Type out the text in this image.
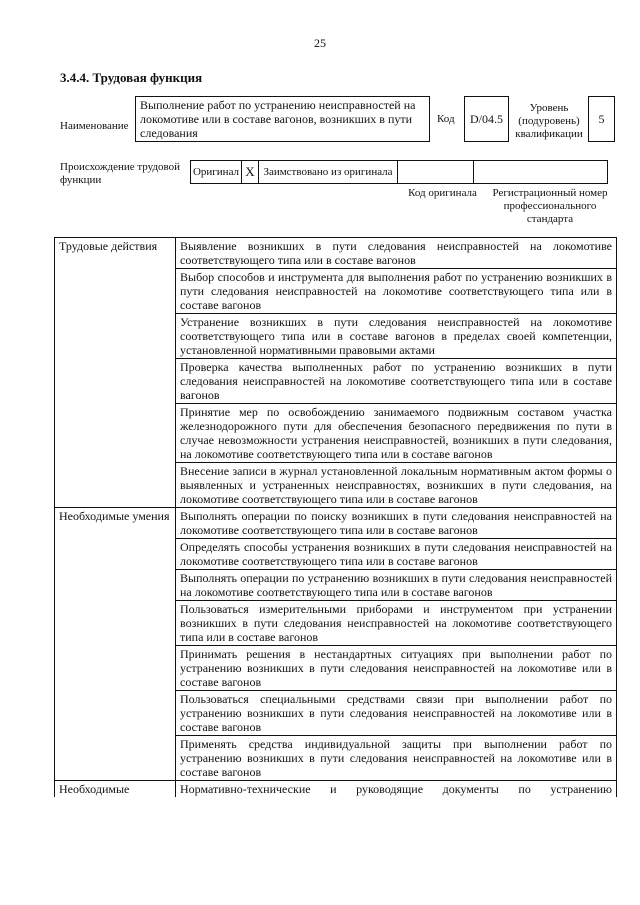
25
3.4.4. Трудовая функция
Наименование
Выполнение работ по устранению неисправностей на локомотиве или в составе вагонов, возникших в пути следования
Код D/04.5
Уровень (подуровень) квалификации
5
Происхождение трудовой функции
Оригинал X Заимствовано из оригинала
Код оригинала	Регистрационный номер профессионального стандарта
Трудовые действия	Выявление возникших в пути следования неисправностей на локомотиве соответствующего типа или в составе вагонов
	Выбор способов и инструмента для выполнения работ по устранению возникших в пути следования неисправностей на локомотиве соответствующего типа или в составе вагонов
	Устранение возникших в пути следования неисправностей на локомотиве соответствующего типа или в составе вагонов в пределах своей компетенции, установленной нормативными правовыми актами
	Проверка качества выполненных работ по устранению возникших в пути следования неисправностей на локомотиве соответствующего типа или в составе вагонов
	Принятие мер по освобождению занимаемого подвижным составом участка железнодорожного пути для обеспечения безопасного передвижения по пути в случае невозможности устранения неисправностей, возникших в пути следования, на локомотиве соответствующего типа или в составе вагонов
	Внесение записи в журнал установленной локальным нормативным актом формы о выявленных и устраненных неисправностях, возникших в пути следования, на локомотиве соответствующего типа или в составе вагонов
Необходимые умения	Выполнять операции по поиску возникших в пути следования неисправностей на локомотиве соответствующего типа или в составе вагонов
	Определять способы устранения возникших в пути следования неисправностей на локомотиве соответствующего типа или в составе вагонов
	Выполнять операции по устранению возникших в пути следования неисправностей на локомотиве соответствующего типа или в составе вагонов
	Пользоваться измерительными приборами и инструментом при устранении возникших в пути следования неисправностей на локомотиве соответствующего типа или в составе вагонов
	Принимать решения в нестандартных ситуациях при выполнении работ по устранению возникших в пути следования неисправностей на локомотиве или в составе вагонов
	Пользоваться специальными средствами связи при выполнении работ по устранению возникших в пути следования неисправностей на локомотиве или в составе вагонов
	Применять средства индивидуальной защиты при выполнении работ по устранению возникших в пути следования неисправностей на локомотиве или в составе вагонов
Необходимые	Нормативно-технические и руководящие документы по устранению
